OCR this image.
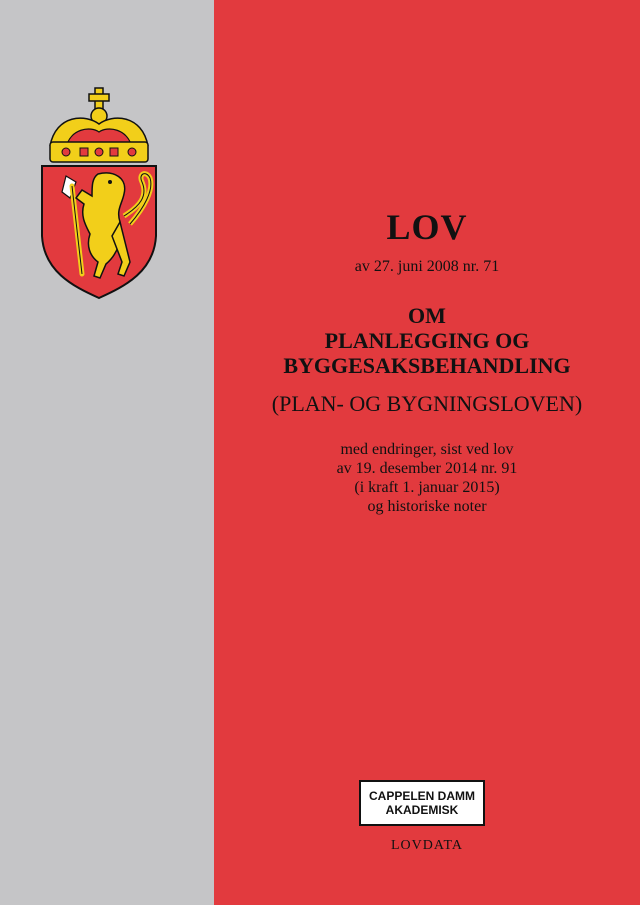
LOV
av 27. juni 2008 nr. 71
OM
PLANLEGGING OG
BYGGESAKSBEHANDLING
(PLAN- OG BYGNINGSLOVEN)
med endringer, sist ved lov
av 19. desember 2014 nr. 91
(i kraft 1. januar 2015)
og historiske noter
CAPPELEN DAMM
AKADEMISK
LOVDATA
